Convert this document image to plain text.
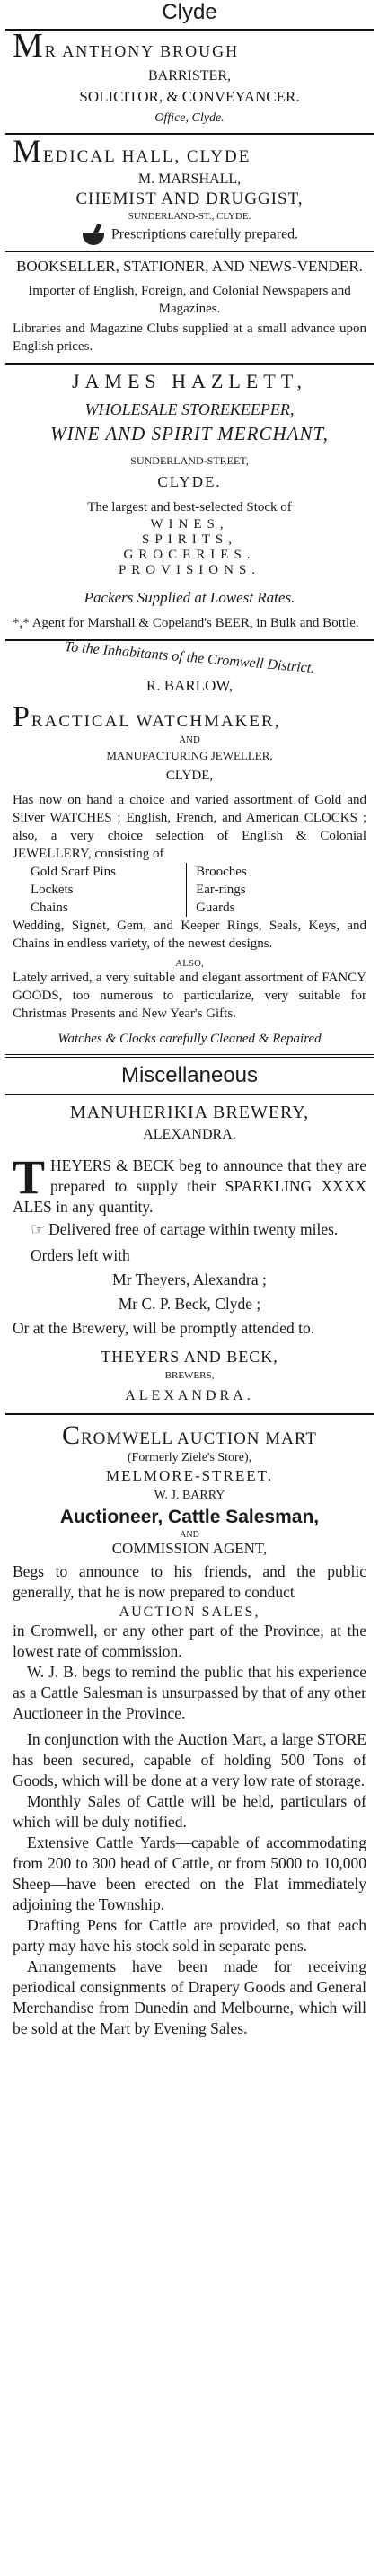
Clyde
MR ANTHONY BROUGH
BARRISTER,
SOLICITOR, & CONVEYANCER.
Office, Clyde.
MEDICAL HALL, CLYDE
M. MARSHALL,
CHEMIST AND DRUGGIST,
SUNDERLAND-ST., CLYDE.
Prescriptions carefully prepared.
BOOKSELLER, STATIONER, AND NEWS-VENDER.
Importer of English, Foreign, and Colonial Newspapers and Magazines.
Libraries and Magazine Clubs supplied at a small advance upon English prices.
JAMES HAZLETT,
WHOLESALE STOREKEEPER,
WINE AND SPIRIT MERCHANT,
SUNDERLAND-STREET,
CLYDE.
The largest and best-selected Stock of
WINES,
SPIRITS,
GROCERIES.
PROVISIONS.
Packers Supplied at Lowest Rates.
*,* Agent for Marshall & Copeland's BEER, in Bulk and Bottle.
To the Inhabitants of the Cromwell District.
R. BARLOW,
PRACTICAL WATCHMAKER,
AND
MANUFACTURING JEWELLER,
CLYDE,
Has now on hand a choice and varied assortment of Gold and Silver WATCHES ; English, French, and American CLOCKS ; also, a very choice selection of English & Colonial JEWELLERY, consisting of
Gold Scarf Pins
Lockets
Chains
Brooches
Ear-rings
Guards
Wedding, Signet, Gem, and Keeper Rings, Seals, Keys, and Chains in endless variety, of the newest designs.
ALSO,
Lately arrived, a very suitable and elegant assortment of FANCY GOODS, too numerous to particularize, very suitable for Christmas Presents and New Year's Gifts.
Watches & Clocks carefully Cleaned & Repaired
Miscellaneous
MANUHERIKIA BREWERY,
ALEXANDRA.
THEYERS & BECK beg to announce that they are prepared to supply their SPARKLING XXXX ALES in any quantity.
☞ Delivered free of cartage within twenty miles.
Orders left with
Mr Theyers, Alexandra ;
Mr C. P. Beck, Clyde ;
Or at the Brewery, will be promptly attended to.
THEYERS AND BECK,
BREWERS,
ALEXANDRA.
CROMWELL AUCTION MART
(Formerly Ziele's Store),
MELMORE-STREET.
W. J. BARRY
Auctioneer, Cattle Salesman,
AND
COMMISSION AGENT,
Begs to announce to his friends, and the public generally, that he is now prepared to conduct
AUCTION SALES,
in Cromwell, or any other part of the Province, at the lowest rate of commission.
W. J. B. begs to remind the public that his experience as a Cattle Salesman is unsurpassed by that of any other Auctioneer in the Province.
In conjunction with the Auction Mart, a large STORE has been secured, capable of holding 500 Tons of Goods, which will be done at a very low rate of storage.
Monthly Sales of Cattle will be held, particulars of which will be duly notified.
Extensive Cattle Yards—capable of accommodating from 200 to 300 head of Cattle, or from 5000 to 10,000 Sheep—have been erected on the Flat immediately adjoining the Township.
Drafting Pens for Cattle are provided, so that each party may have his stock sold in separate pens.
Arrangements have been made for receiving periodical consignments of Drapery Goods and General Merchandise from Dunedin and Melbourne, which will be sold at the Mart by Evening Sales.
